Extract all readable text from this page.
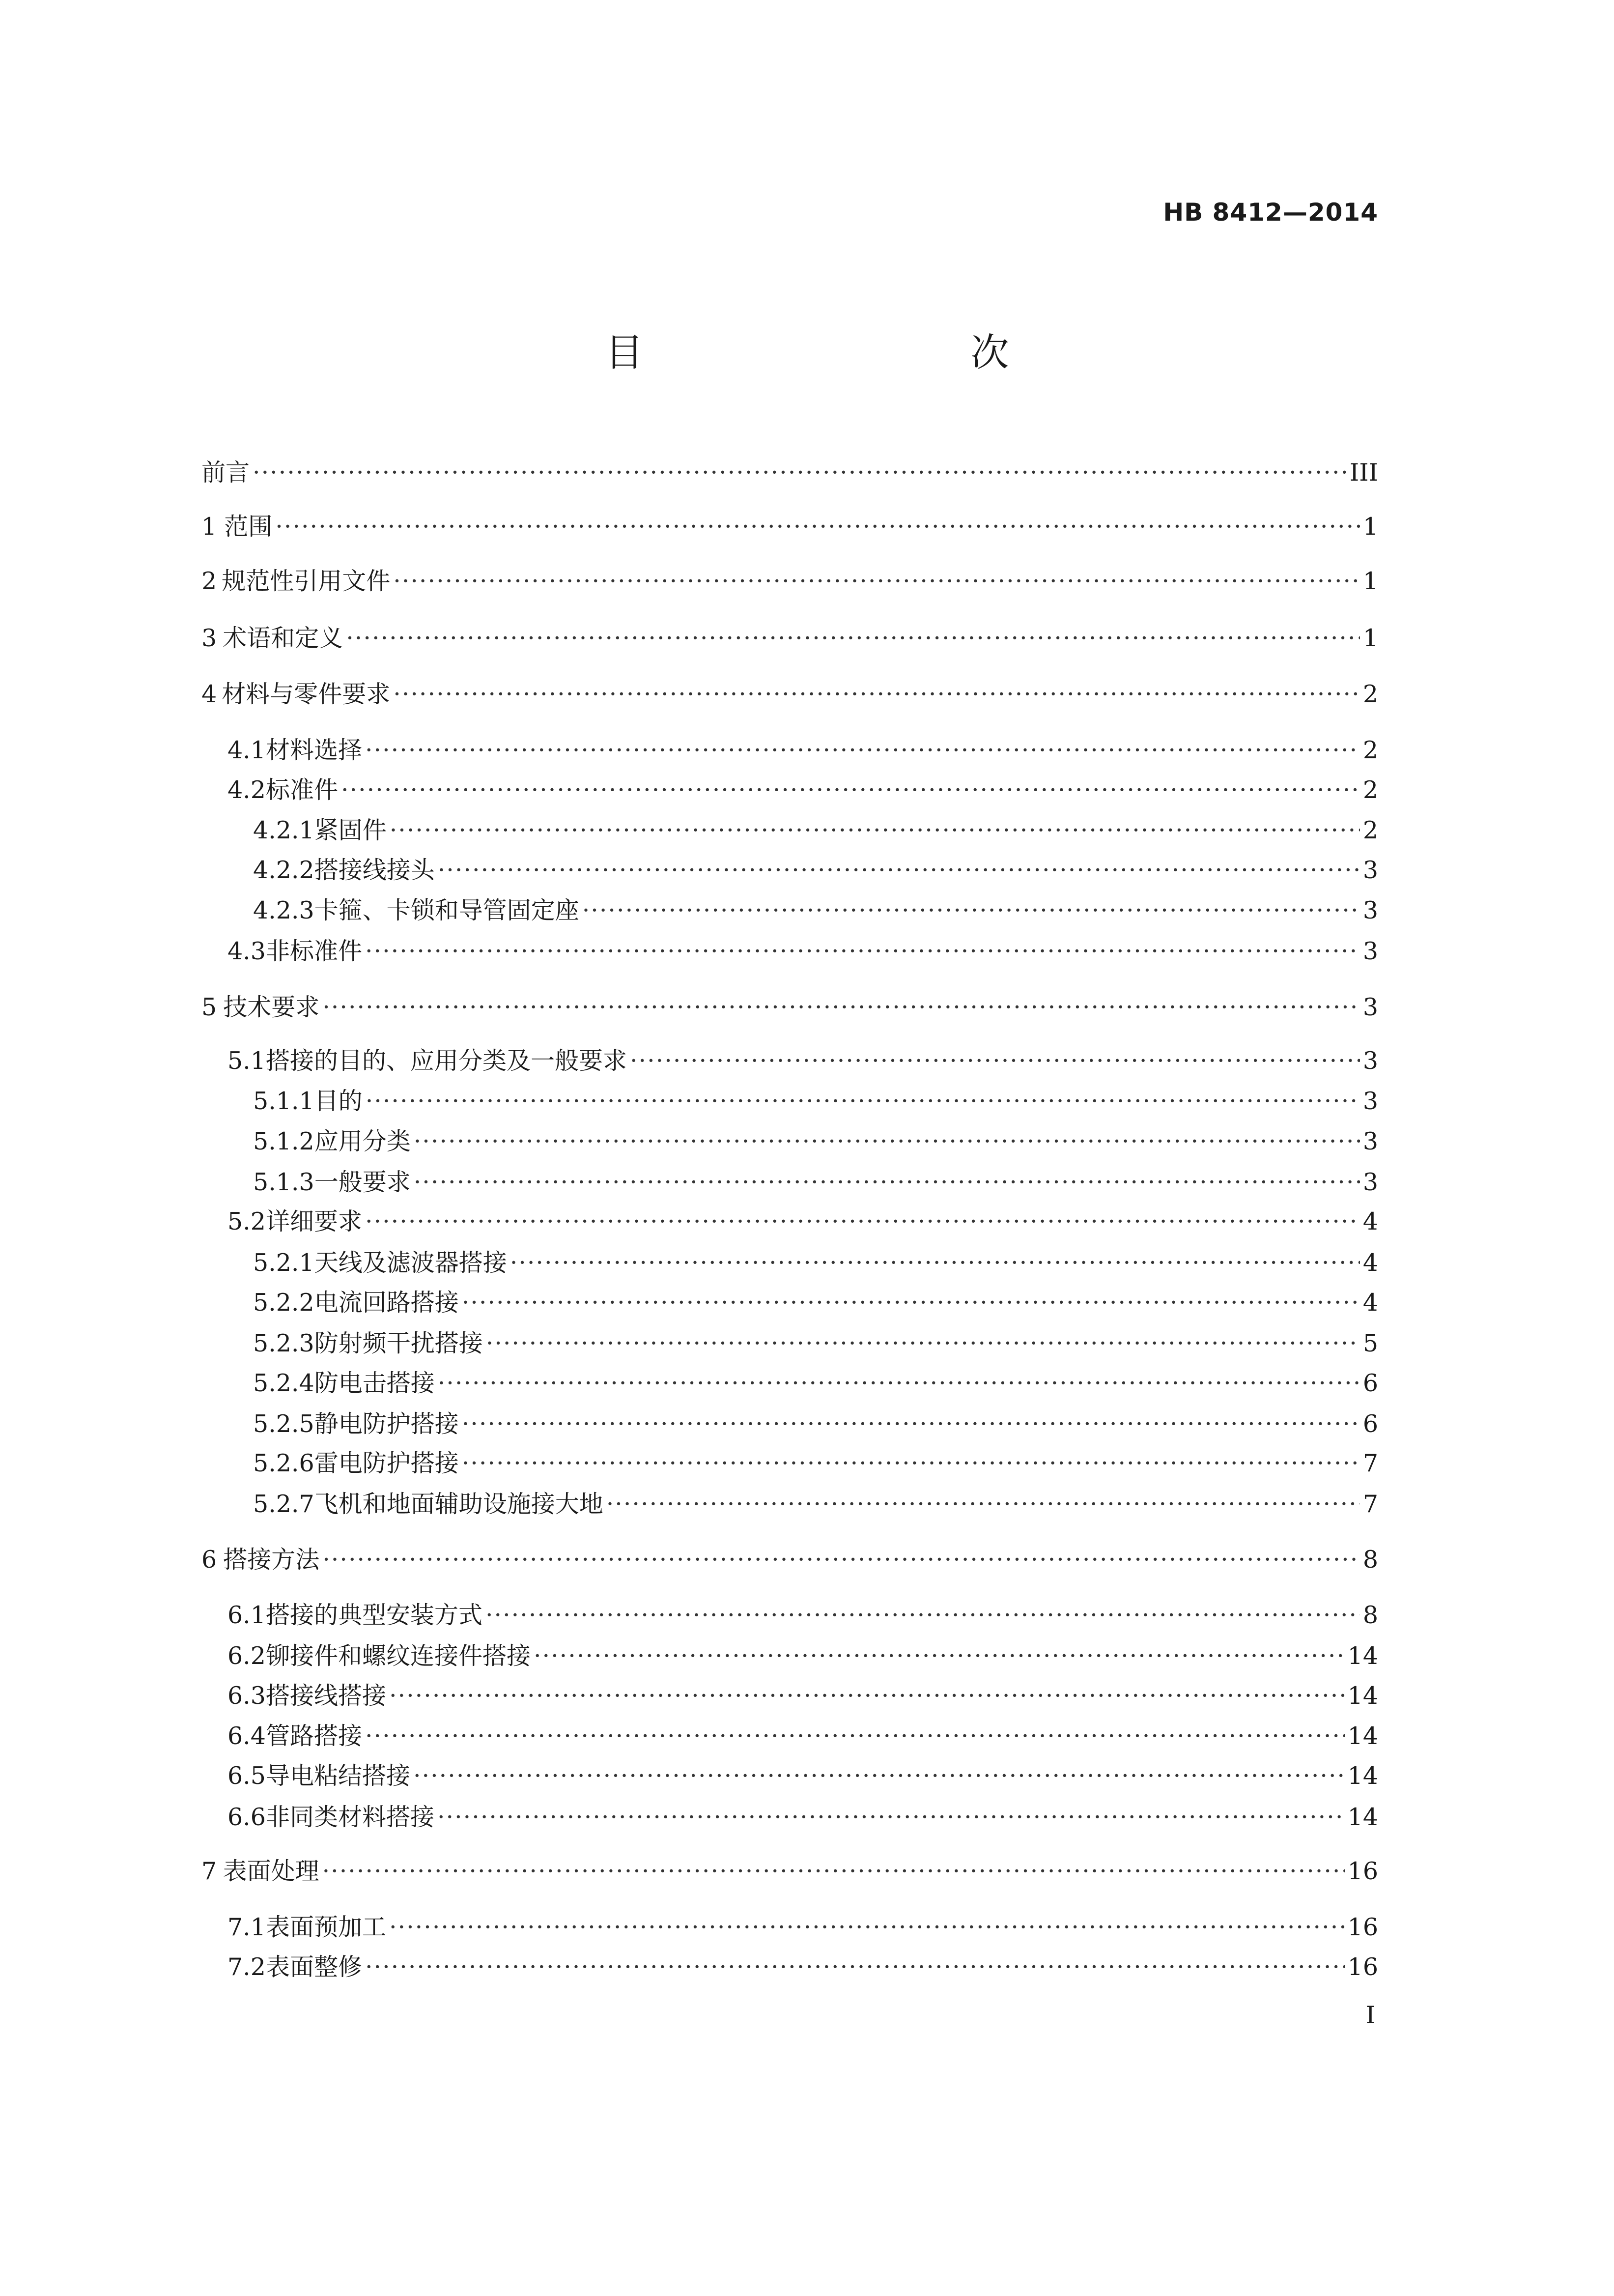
HB 8412—2014
目　　次
前言 ·····	III
1 范围 ·····	1
2 规范性引用文件 ·····	1
3 术语和定义 ·····	1
4 材料与零件要求 ·····	2
4.1 材料选择 ·····	2
4.2 标准件 ·····	2
4.2.1 紧固件 ·····	2
4.2.2 搭接线接头 ·····	3
4.2.3 卡箍、卡锁和导管固定座 ·····	3
4.3 非标准件 ·····	3
5 技术要求 ·····	3
5.1 搭接的目的、应用分类及一般要求 ·····	3
5.1.1 目的 ·····	3
5.1.2 应用分类 ·····	3
5.1.3 一般要求 ·····	3
5.2 详细要求 ·····	4
5.2.1 天线及滤波器搭接 ·····	4
5.2.2 电流回路搭接 ·····	4
5.2.3 防射频干扰搭接 ·····	5
5.2.4 防电击搭接 ·····	6
5.2.5 静电防护搭接 ·····	6
5.2.6 雷电防护搭接 ·····	7
5.2.7 飞机和地面辅助设施接大地 ·····	7
6 搭接方法 ·····	8
6.1 搭接的典型安装方式 ·····	8
6.2 铆接件和螺纹连接件搭接 ·····	14
6.3 搭接线搭接 ·····	14
6.4 管路搭接 ·····	14
6.5 导电粘结搭接 ·····	14
6.6 非同类材料搭接 ·····	14
7 表面处理 ·····	16
7.1 表面预加工 ·····	16
7.2 表面整修 ·····	16
I
